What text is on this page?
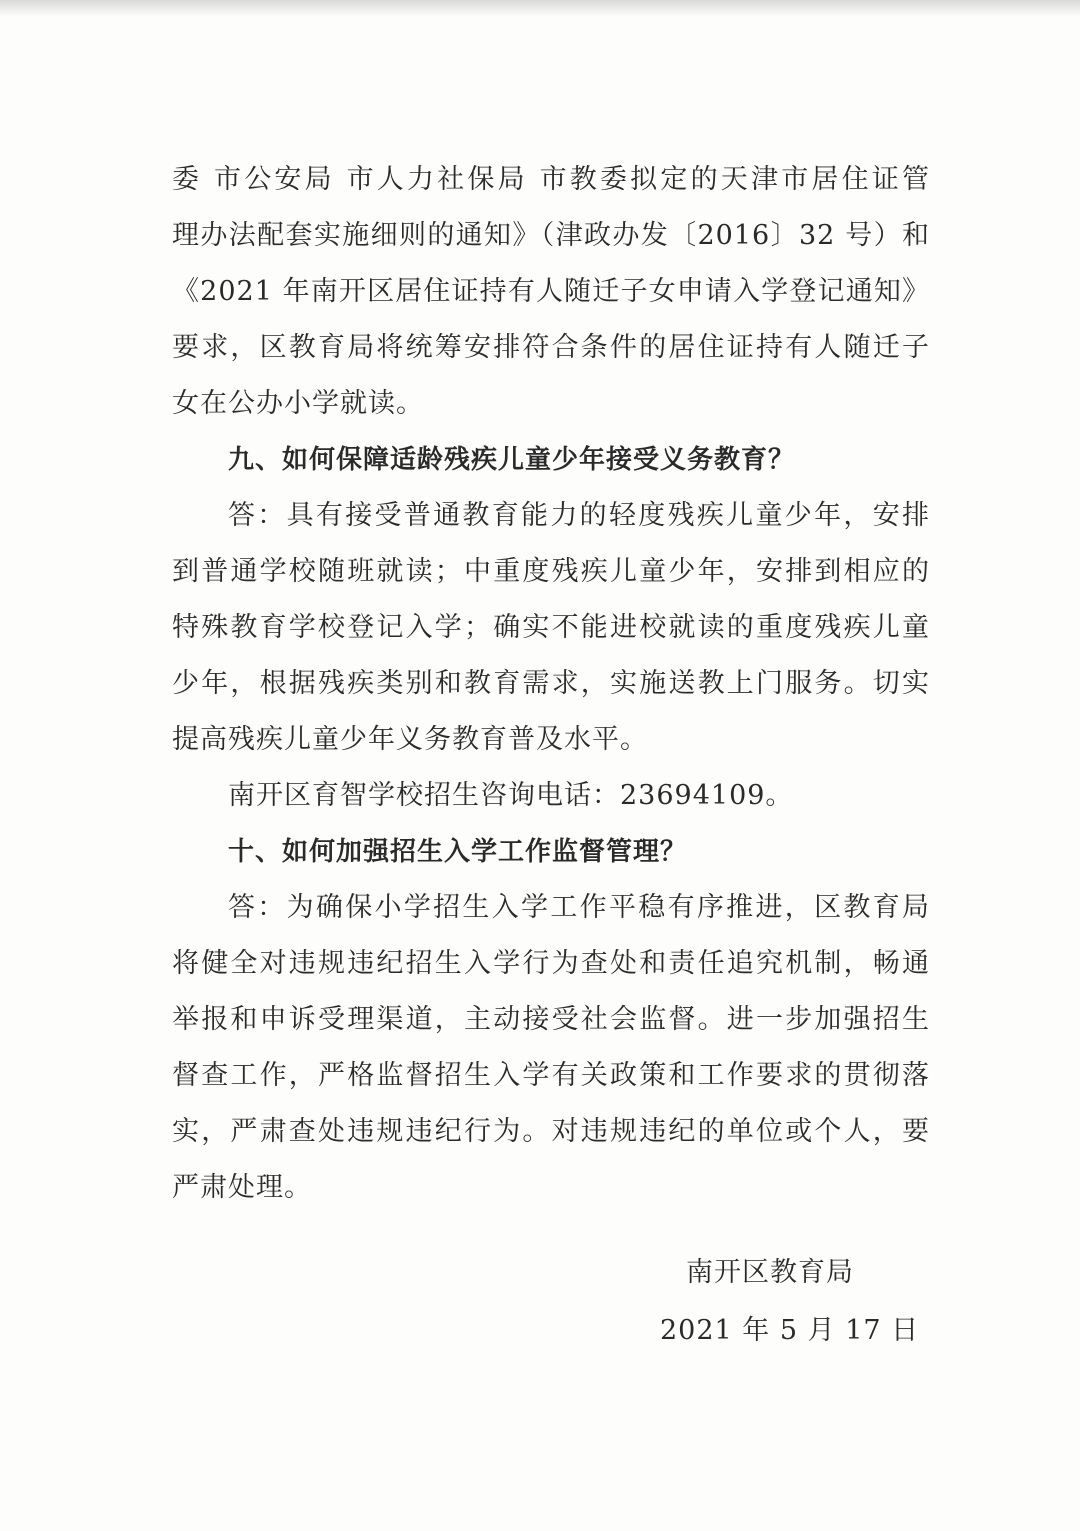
委 市公安局 市人力社保局 市教委拟定的天津市居住证管
理办法配套实施细则的通知》（津政办发〔2016〕32 号）和
《2021 年南开区居住证持有人随迁子女申请入学登记通知》
要求，区教育局将统筹安排符合条件的居住证持有人随迁子
女在公办小学就读。
九、如何保障适龄残疾儿童少年接受义务教育？
答：具有接受普通教育能力的轻度残疾儿童少年，安排
到普通学校随班就读；中重度残疾儿童少年，安排到相应的
特殊教育学校登记入学；确实不能进校就读的重度残疾儿童
少年，根据残疾类别和教育需求，实施送教上门服务。切实
提高残疾儿童少年义务教育普及水平。
南开区育智学校招生咨询电话：23694109。
十、如何加强招生入学工作监督管理？
答：为确保小学招生入学工作平稳有序推进，区教育局
将健全对违规违纪招生入学行为查处和责任追究机制，畅通
举报和申诉受理渠道，主动接受社会监督。进一步加强招生
督查工作，严格监督招生入学有关政策和工作要求的贯彻落
实，严肃查处违规违纪行为。对违规违纪的单位或个人，要
严肃处理。
南开区教育局
2021 年 5 月 17 日
